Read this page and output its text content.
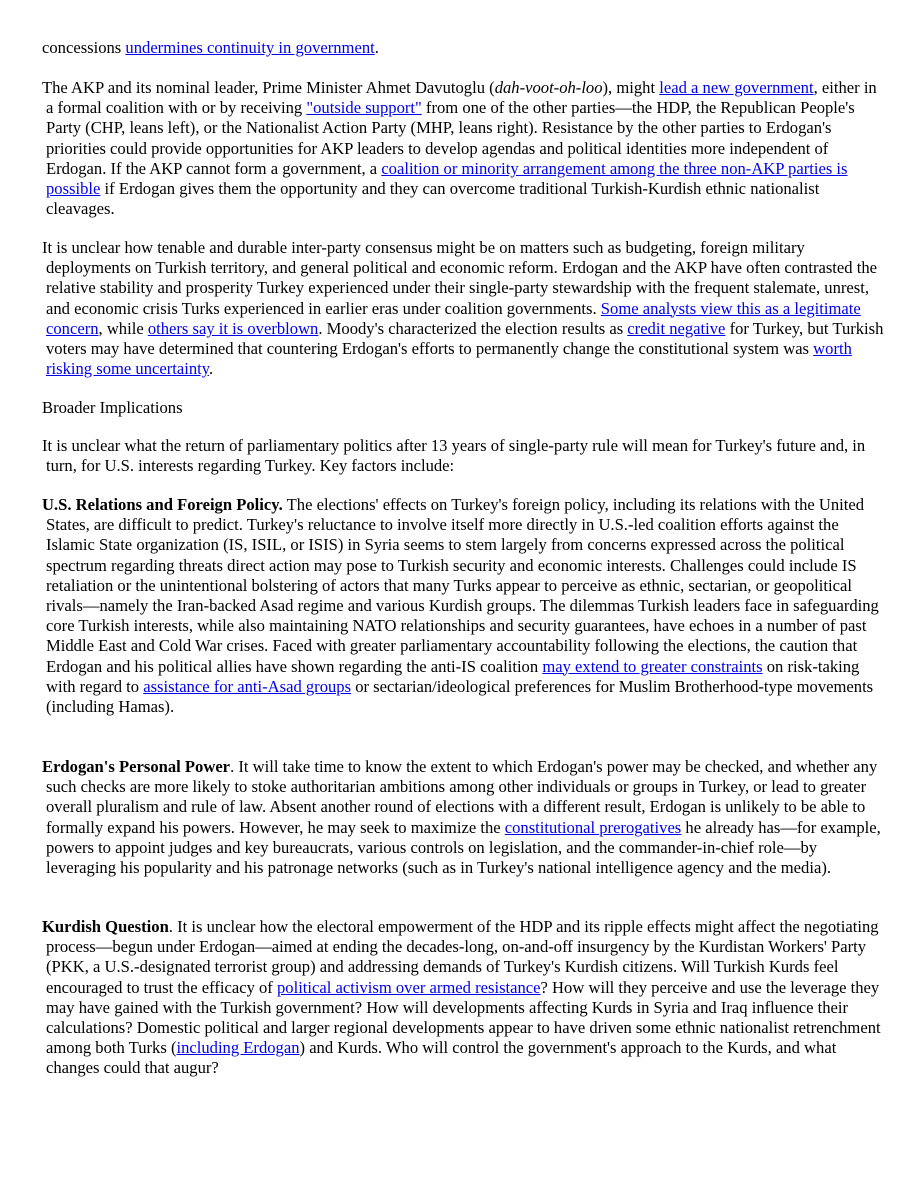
concessions undermines continuity in government.

The AKP and its nominal leader, Prime Minister Ahmet Davutoglu (dah-voot-oh-loo), might lead a new government, either in a formal coalition with or by receiving "outside support" from one of the other parties—the HDP, the Republican People's Party (CHP, leans left), or the Nationalist Action Party (MHP, leans right). Resistance by the other parties to Erdogan's priorities could provide opportunities for AKP leaders to develop agendas and political identities more independent of Erdogan. If the AKP cannot form a government, a coalition or minority arrangement among the three non-AKP parties is possible if Erdogan gives them the opportunity and they can overcome traditional Turkish-Kurdish ethnic nationalist cleavages.

It is unclear how tenable and durable inter-party consensus might be on matters such as budgeting, foreign military deployments on Turkish territory, and general political and economic reform. Erdogan and the AKP have often contrasted the relative stability and prosperity Turkey experienced under their single-party stewardship with the frequent stalemate, unrest, and economic crisis Turks experienced in earlier eras under coalition governments. Some analysts view this as a legitimate concern, while others say it is overblown. Moody's characterized the election results as credit negative for Turkey, but Turkish voters may have determined that countering Erdogan's efforts to permanently change the constitutional system was worth risking some uncertainty.

Broader Implications

It is unclear what the return of parliamentary politics after 13 years of single-party rule will mean for Turkey's future and, in turn, for U.S. interests regarding Turkey. Key factors include:

U.S. Relations and Foreign Policy. The elections' effects on Turkey's foreign policy, including its relations with the United States, are difficult to predict. Turkey's reluctance to involve itself more directly in U.S.-led coalition efforts against the Islamic State organization (IS, ISIL, or ISIS) in Syria seems to stem largely from concerns expressed across the political spectrum regarding threats direct action may pose to Turkish security and economic interests. Challenges could include IS retaliation or the unintentional bolstering of actors that many Turks appear to perceive as ethnic, sectarian, or geopolitical rivals—namely the Iran-backed Asad regime and various Kurdish groups. The dilemmas Turkish leaders face in safeguarding core Turkish interests, while also maintaining NATO relationships and security guarantees, have echoes in a number of past Middle East and Cold War crises. Faced with greater parliamentary accountability following the elections, the caution that Erdogan and his political allies have shown regarding the anti-IS coalition may extend to greater constraints on risk-taking with regard to assistance for anti-Asad groups or sectarian/ideological preferences for Muslim Brotherhood-type movements (including Hamas).

Erdogan's Personal Power. It will take time to know the extent to which Erdogan's power may be checked, and whether any such checks are more likely to stoke authoritarian ambitions among other individuals or groups in Turkey, or lead to greater overall pluralism and rule of law. Absent another round of elections with a different result, Erdogan is unlikely to be able to formally expand his powers. However, he may seek to maximize the constitutional prerogatives he already has—for example, powers to appoint judges and key bureaucrats, various controls on legislation, and the commander-in-chief role—by leveraging his popularity and his patronage networks (such as in Turkey's national intelligence agency and the media).

Kurdish Question. It is unclear how the electoral empowerment of the HDP and its ripple effects might affect the negotiating process—begun under Erdogan—aimed at ending the decades-long, on-and-off insurgency by the Kurdistan Workers' Party (PKK, a U.S.-designated terrorist group) and addressing demands of Turkey's Kurdish citizens. Will Turkish Kurds feel encouraged to trust the efficacy of political activism over armed resistance? How will they perceive and use the leverage they may have gained with the Turkish government? How will developments affecting Kurds in Syria and Iraq influence their calculations? Domestic political and larger regional developments appear to have driven some ethnic nationalist retrenchment among both Turks (including Erdogan) and Kurds. Who will control the government's approach to the Kurds, and what changes could that augur?
